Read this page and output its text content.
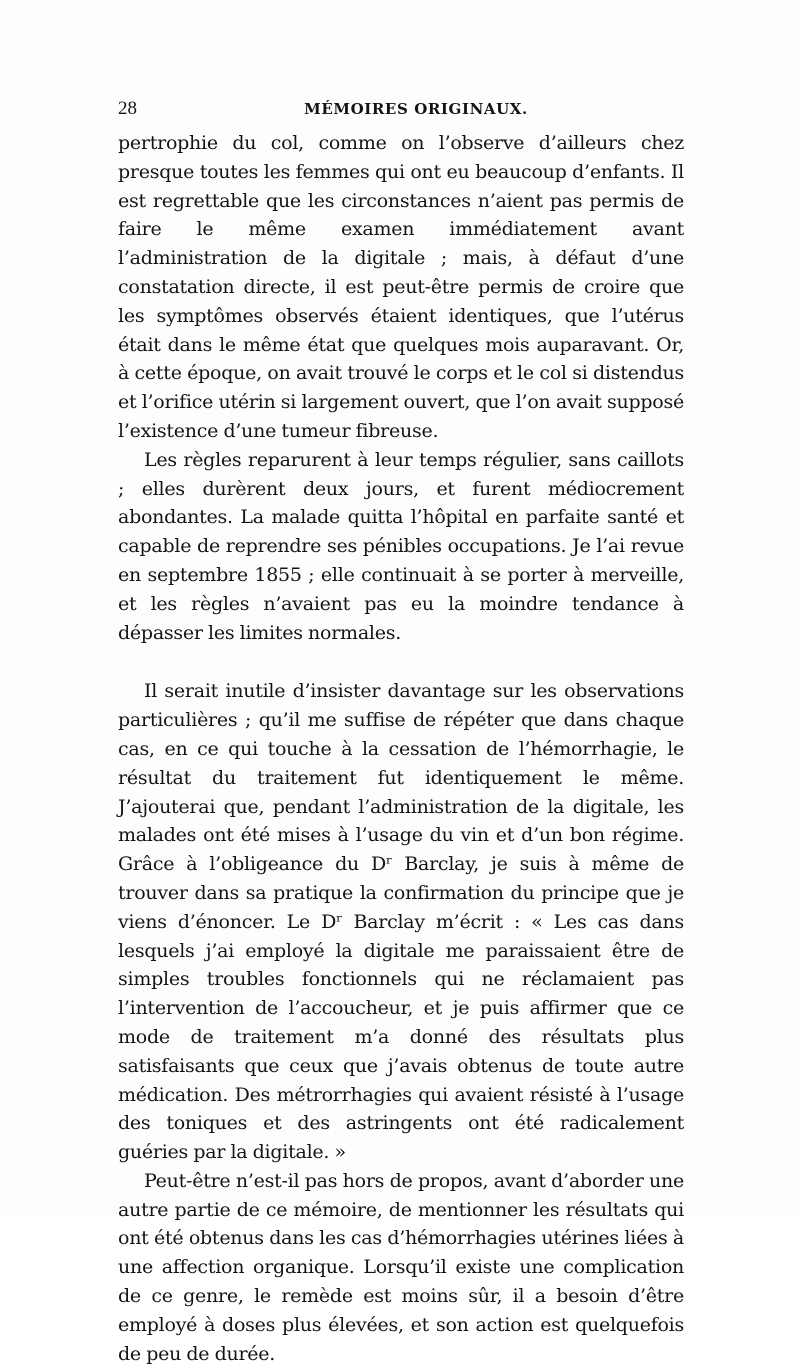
28	MÉMOIRES ORIGINAUX.

pertrophie du col, comme on l’observe d’ailleurs chez presque toutes les femmes qui ont eu beaucoup d’enfants. Il est regrettable que les circonstances n’aient pas permis de faire le même examen immédiatement avant l’administration de la digitale ; mais, à défaut d’une constatation directe, il est peut-être permis de croire que les symptômes observés étaient identiques, que l’utérus était dans le même état que quelques mois auparavant. Or, à cette époque, on avait trouvé le corps et le col si distendus et l’orifice utérin si largement ouvert, que l’on avait supposé l’existence d’une tumeur fibreuse.

Les règles reparurent à leur temps régulier, sans caillots ; elles durèrent deux jours, et furent médiocrement abondantes. La malade quitta l’hôpital en parfaite santé et capable de reprendre ses pénibles occupations. Je l’ai revue en septembre 1855 ; elle continuait à se porter à merveille, et les règles n’avaient pas eu la moindre tendance à dépasser les limites normales.

Il serait inutile d’insister davantage sur les observations particulières ; qu’il me suffise de répéter que dans chaque cas, en ce qui touche à la cessation de l’hémorrhagie, le résultat du traitement fut identiquement le même. J’ajouterai que, pendant l’administration de la digitale, les malades ont été mises à l’usage du vin et d’un bon régime. Grâce à l’obligeance du Dʳ Barclay, je suis à même de trouver dans sa pratique la confirmation du principe que je viens d’énoncer. Le Dʳ Barclay m’écrit : « Les cas dans lesquels j’ai employé la digitale me paraissaient être de simples troubles fonctionnels qui ne réclamaient pas l’intervention de l’accoucheur, et je puis affirmer que ce mode de traitement m’a donné des résultats plus satisfaisants que ceux que j’avais obtenus de toute autre médication. Des métrorrhagies qui avaient résisté à l’usage des toniques et des astringents ont été radicalement guéries par la digitale. »

Peut-être n’est-il pas hors de propos, avant d’aborder une autre partie de ce mémoire, de mentionner les résultats qui ont été obtenus dans les cas d’hémorrhagies utérines liées à une affection organique. Lorsqu’il existe une complication de ce genre, le remède est moins sûr, il a besoin d’être employé à doses plus élevées, et son action est quelquefois de peu de durée.
